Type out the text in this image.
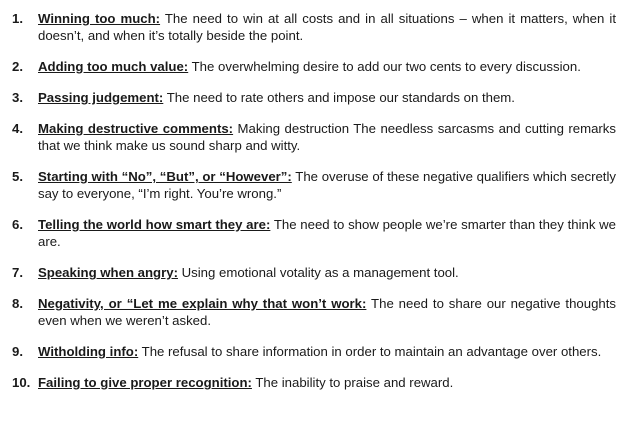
1. Winning too much: The need to win at all costs and in all situations – when it matters, when it doesn’t, and when it’s totally beside the point.
2. Adding too much value: The overwhelming desire to add our two cents to every discussion.
3. Passing judgement: The need to rate others and impose our standards on them.
4. Making destructive comments: Making destruction The needless sarcasms and cutting remarks that we think make us sound sharp and witty.
5. Starting with “No”, “But”, or “However”: The overuse of these negative qualifiers which secretly say to everyone, “I’m right. You’re wrong.”
6. Telling the world how smart they are: The need to show people we’re smarter than they think we are.
7. Speaking when angry: Using emotional votality as a management tool.
8. Negativity, or “Let me explain why that won’t work: The need to share our negative thoughts even when we weren’t asked.
9. Witholding info: The refusal to share information in order to maintain an advantage over others.
10. Failing to give proper recognition: The inability to praise and reward.
